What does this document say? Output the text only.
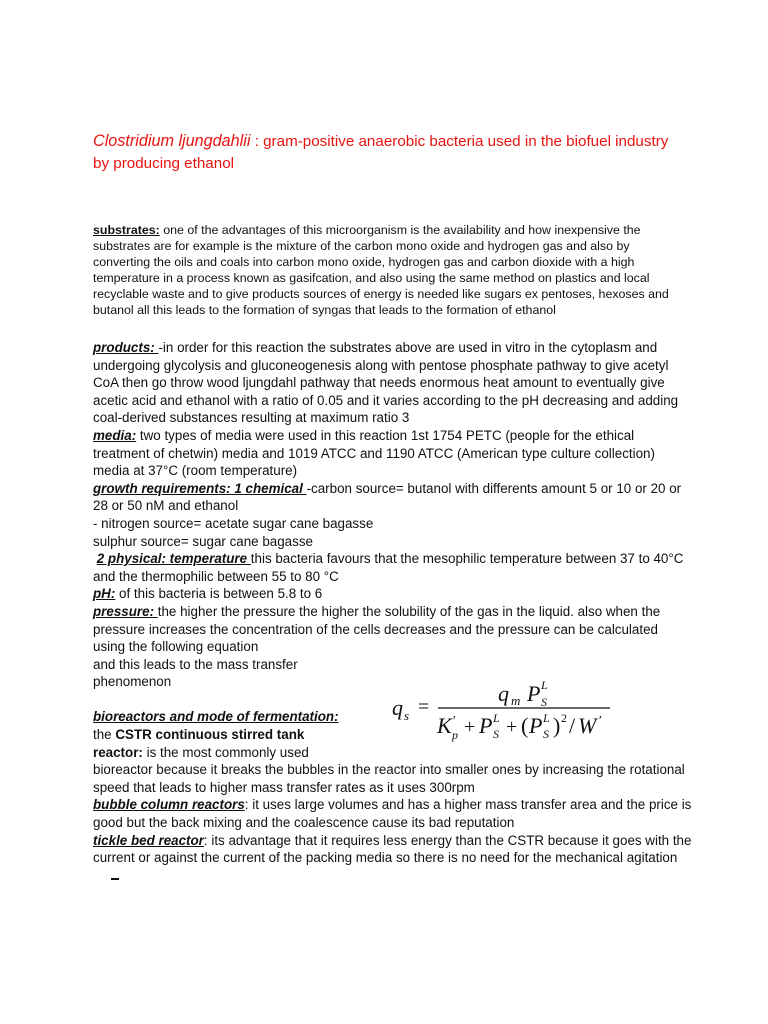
Clostridium ljungdahlii : gram-positive anaerobic bacteria used in the biofuel industry by producing ethanol

substrates: one of the advantages of this microorganism is the availability and how inexpensive the substrates are for example is the mixture of the carbon mono oxide and hydrogen gas and also by converting the oils and coals into carbon mono oxide, hydrogen gas and carbon dioxide with a high temperature in a process known as gasifcation, and also using the same method on plastics and local recyclable waste and to give products sources of energy is needed like sugars ex pentoses, hexoses and butanol all this leads to the formation of syngas that leads to the formation of ethanol

products: -in order for this reaction the substrates above are used in vitro in the cytoplasm and undergoing glycolysis and gluconeogenesis along with pentose phosphate pathway to give acetyl CoA then go throw wood ljungdahl pathway that needs enormous heat amount to eventually give acetic acid and ethanol with a ratio of 0.05 and it varies according to the pH decreasing and adding coal-derived substances resulting at maximum ratio 3

media: two types of media were used in this reaction 1st 1754 PETC (people for the ethical treatment of chetwin) media and 1019 ATCC and 1190 ATCC (American type culture collection) media at 37°C (room temperature)

growth requirements: 1 chemical -carbon source= butanol with differents amount 5 or 10 or 20 or 28 or 50 nM and ethanol

- nitrogen source= acetate sugar cane bagasse

sulphur source= sugar cane bagasse

2 physical: temperature this bacteria favours that the mesophilic temperature between 37 to 40°C and the thermophilic between 55 to 80 °C

pH: of this bacteria is between 5.8 to 6

pressure: the higher the pressure the higher the solubility of the gas in the liquid. also when the pressure increases the concentration of the cells decreases and the pressure can be calculated using the following equation

and this leads to the mass transfer

phenomenon

bioreactors and mode of fermentation:

the CSTR continuous stirred tank

reactor: is the most commonly used

bioreactor because it breaks the bubbles in the reactor into smaller ones by increasing the rotational speed that leads to higher mass transfer rates as it uses 300rpm

bubble column reactors: it uses large volumes and has a higher mass transfer area and the price is good but the back mixing and the coalescence cause its bad reputation

tickle bed reactor: its advantage that it requires less energy than the CSTR because it goes with the current or against the current of the packing media so there is no need for the mechanical agitation

q s =
q m P L
S
K ′
p + P L
S + ( P L
S ) 2 / W ′
